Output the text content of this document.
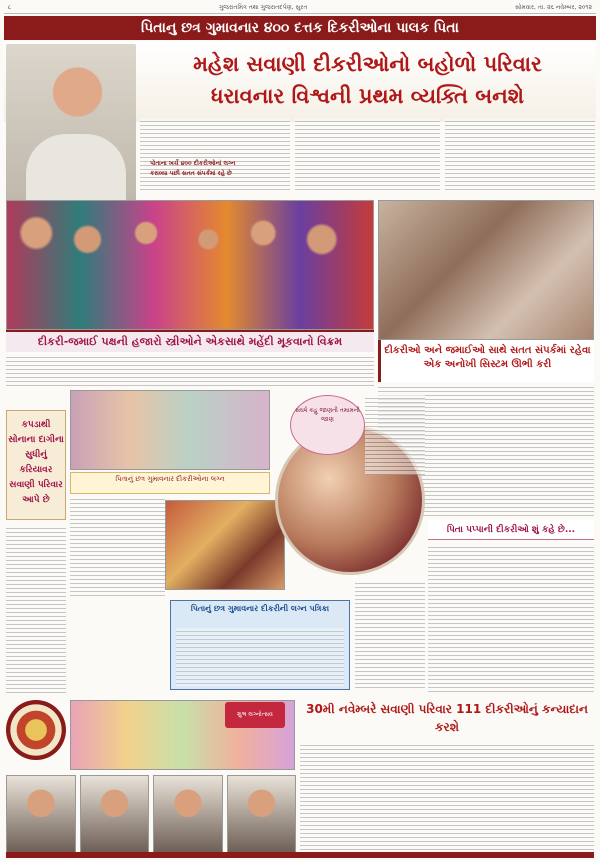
૮	ગુજરાતમિત્ર તથા ગુજરાતદર્પણ, સુરત	સોમવાર, તા. ૨૬ નવેમ્બર, ૨૦૧૨
પિતાનુ છત્ર ગુમાવનાર ૪૦૦ દત્તક દિકરીઓના પાલક પિતા
મહેશ સવાણી દીકરીઓનો બહોળો પરિવાર
ધરાવનાર વિશ્વની પ્રથમ વ્યક્તિ બનશે
પોતાના ખર્ચે ૪૦૦ દીકરીઓનાં લગ્ન
કરાવ્યા પછી સતત સંપર્કમાં રહે છે
દીકરી-જમાઈ પક્ષની હજારો સ્ત્રીઓને એકસાથે મહેંદી મૂકવાનો વિક્રમ
દીકરીઓ અને જમાઈઓ સાથે સતત સંપર્કમાં રહેવા એક અનોખી સિસ્ટમ ઊભી કરી
કપડાથી સોનાના દાગીના સુધીનું કરિયાવર સવાણી પરિવાર આપે છે
પિતાનું છત્ર ગુમાવનાર દીકરીઓના લગ્ન
સંઘર્ષ કહુ જાણતી તમામની જાણ
પિતા પપ્પાની દીકરીઓ શું કહે છે...
પિતાનું છત્ર ગુમાવનાર દીકરીની લગ્ન પત્રિકા
શુભ લગ્નોત્સવ	30મી નવેમ્બરે સવાણી પરિવાર 111 દીકરીઓનું કન્યાદાન કરશે
